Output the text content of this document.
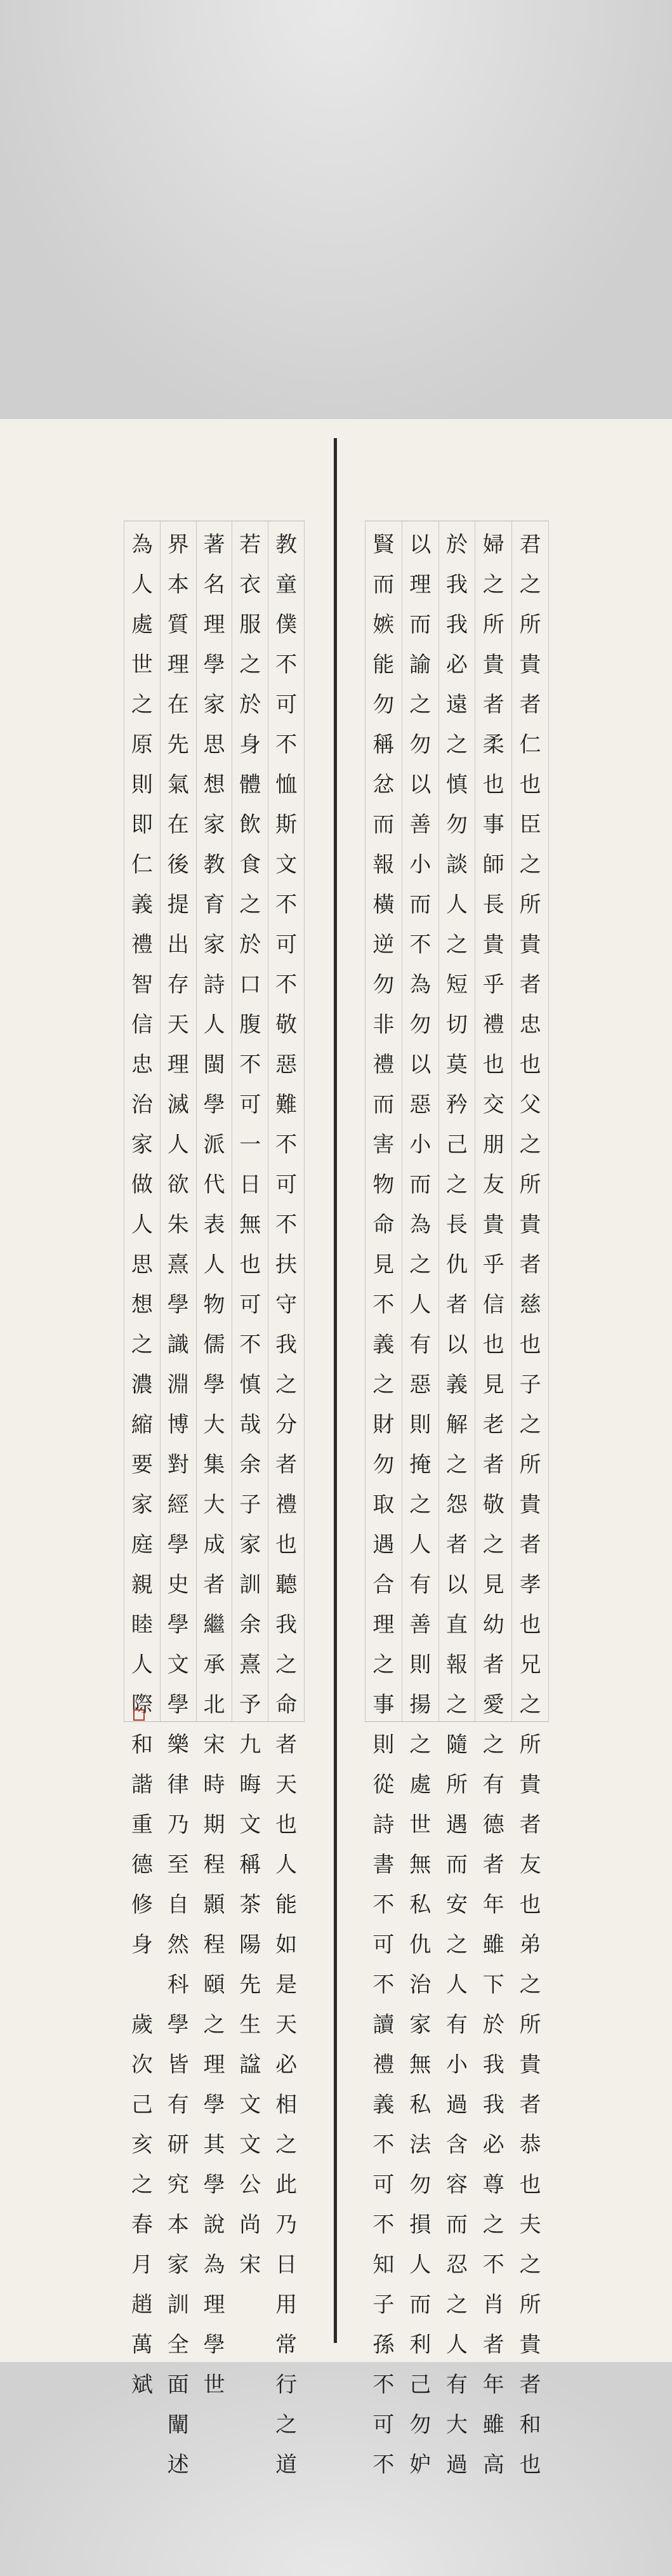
君
之
所
貴
者
仁
也
臣
之
所
貴
者
忠
也
父
之
所
貴
者
慈
也
子
之
所
貴
者
孝
也
兄
之
所
貴
者
友
也
弟
之
所
貴
者
恭
也
夫
之
所
貴
者
和
也
婦
之
所
貴
者
柔
也
事
師
長
貴
乎
禮
也
交
朋
友
貴
乎
信
也
見
老
者
敬
之
見
幼
者
愛
之
有
德
者
年
雖
下
於
我
我
必
尊
之
不
肖
者
年
雖
高
於
我
我
必
遠
之
慎
勿
談
人
之
短
切
莫
矜
己
之
長
仇
者
以
義
解
之
怨
者
以
直
報
之
隨
所
遇
而
安
之
人
有
小
過
含
容
而
忍
之
人
有
大
過
以
理
而
諭
之
勿
以
善
小
而
不
為
勿
以
惡
小
而
為
之
人
有
惡
則
掩
之
人
有
善
則
揚
之
處
世
無
私
仇
治
家
無
私
法
勿
損
人
而
利
己
勿
妒
賢
而
嫉
能
勿
稱
忿
而
報
橫
逆
勿
非
禮
而
害
物
命
見
不
義
之
財
勿
取
遇
合
理
之
事
則
從
詩
書
不
可
不
讀
禮
義
不
可
不
知
子
孫
不
可
不
教
童
僕
不
可
不
恤
斯
文
不
可
不
敬
惡
難
不
可
不
扶
守
我
之
分
者
禮
也
聽
我
之
命
者
天
也
人
能
如
是
天
必
相
之
此
乃
日
用
常
行
之
道
若
衣
服
之
於
身
體
飲
食
之
於
口
腹
不
可
一
日
無
也
可
不
慎
哉
余
子
家
訓
余
熹
予
九
晦
文
稱
茶
陽
先
生
諡
文
文
公
尚
宋
著
名
理
學
家
思
想
家
教
育
家
詩
人
閩
學
派
代
表
人
物
儒
學
大
集
大
成
者
繼
承
北
宋
時
期
程
顥
程
頤
之
理
學
其
學
說
為
理
學
世
界
本
質
理
在
先
氣
在
後
提
出
存
天
理
滅
人
欲
朱
熹
學
識
淵
博
對
經
學
史
學
文
學
樂
律
乃
至
自
然
科
學
皆
有
研
究
本
家
訓
全
面
闡
述
為
人
處
世
之
原
則
即
仁
義
禮
智
信
忠
治
家
做
人
思
想
之
濃
縮
要
家
庭
親
睦
人
際
和
諧
重
德
修
身

歲
次
己
亥
之
春
月
趙
萬
斌
